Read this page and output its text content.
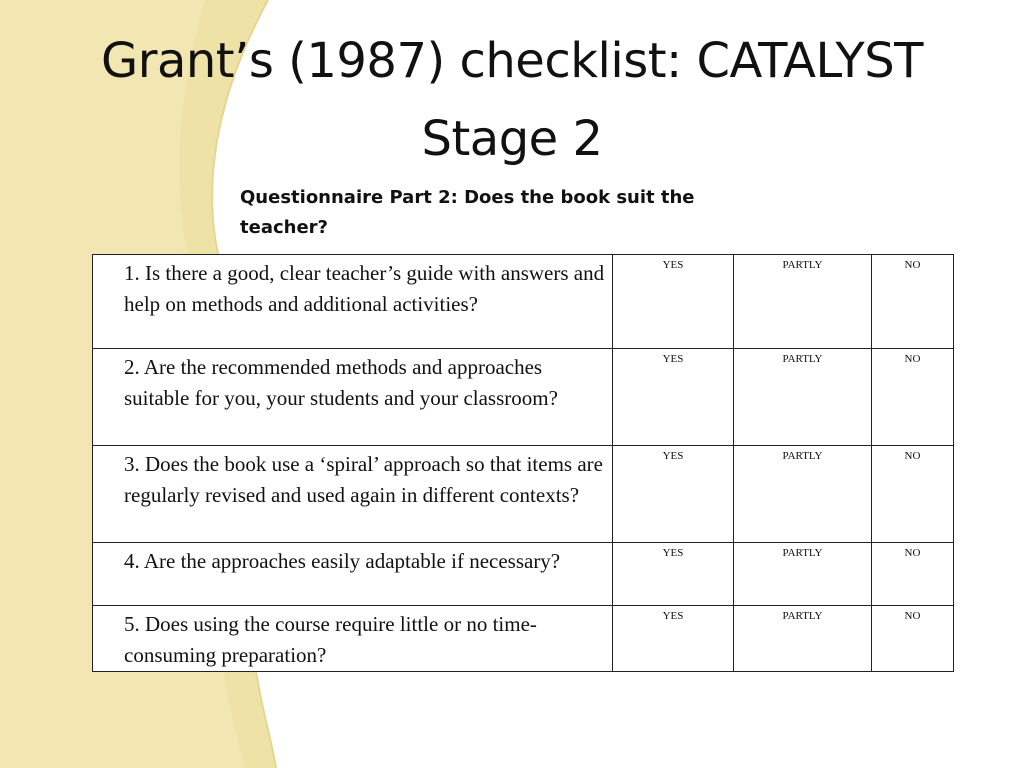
Grant’s (1987) checklist: CATALYST
Stage 2

Questionnaire Part 2: Does the book suit the
teacher?

1. Is there a good, clear teacher’s guide with answers and help on methods and additional activities?	YES	PARTLY	NO
2. Are the recommended methods and approaches suitable for you, your students and your classroom?	YES	PARTLY	NO
3. Does the book use a ‘spiral’ approach so that items are regularly revised and used again in different contexts?	YES	PARTLY	NO
4. Are the approaches easily adaptable if necessary?	YES	PARTLY	NO
5. Does using the course require little or no time-consuming preparation?	YES	PARTLY	NO
